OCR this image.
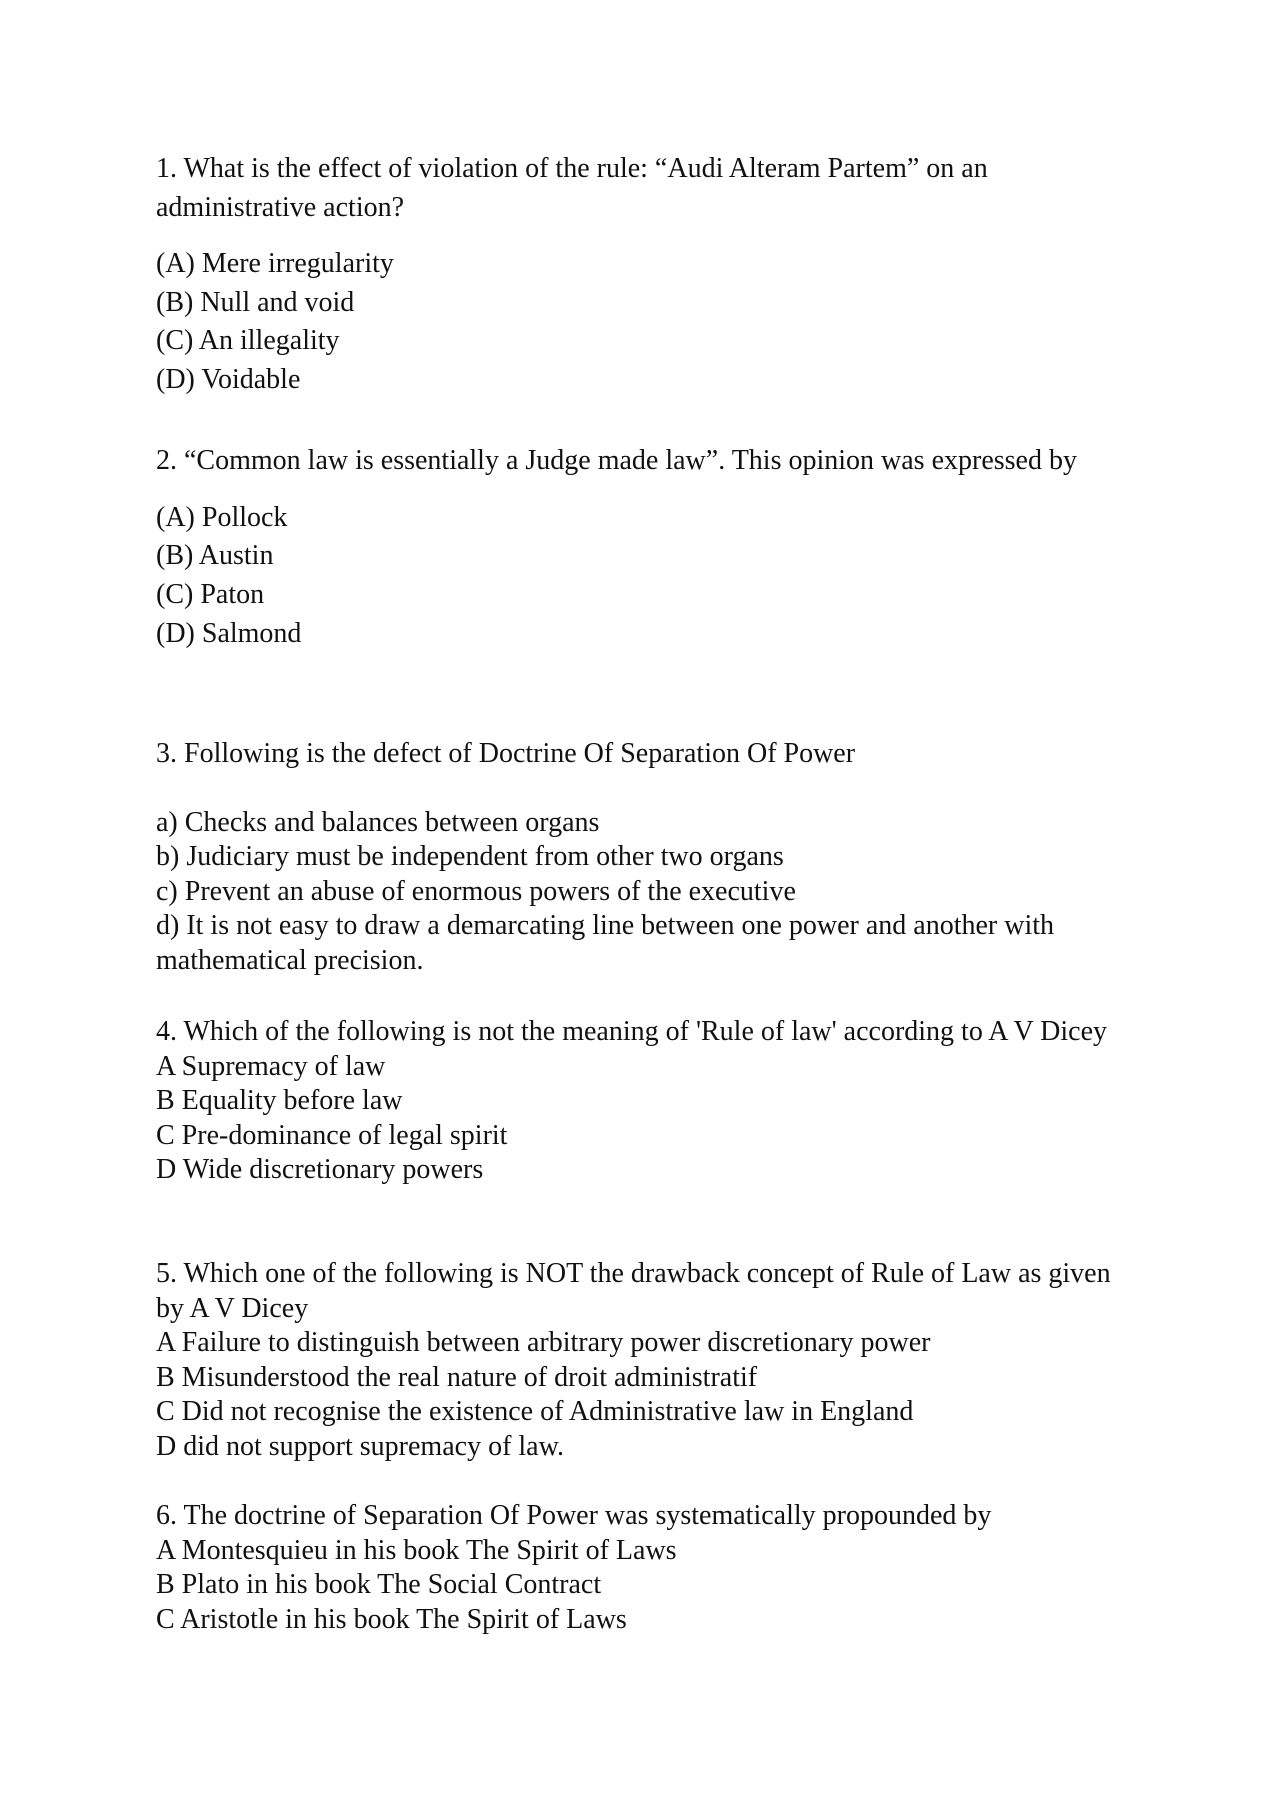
1. What is the effect of violation of the rule: “Audi Alteram Partem” on an administrative action?

(A) Mere irregularity
(B) Null and void
(C) An illegality
(D) Voidable

2. “Common law is essentially a Judge made law”. This opinion was expressed by

(A) Pollock
(B) Austin
(C) Paton
(D) Salmond

3. Following is the defect of Doctrine Of Separation Of Power

a) Checks and balances between organs
b) Judiciary must be independent from other two organs
c) Prevent an abuse of enormous powers of the executive
d) It is not easy to draw a demarcating line between one power and another with mathematical precision.

4. Which of the following is not the meaning of 'Rule of law' according to A V Dicey

A Supremacy of law
B Equality before law
C Pre-dominance of legal spirit
D Wide discretionary powers

5. Which one of the following is NOT the drawback concept of Rule of Law as given by A V Dicey

A Failure to distinguish between arbitrary power discretionary power
B Misunderstood the real nature of droit administratif
C Did not recognise the existence of Administrative law in England
D did not support supremacy of law.

6. The doctrine of Separation Of Power was systematically propounded by

A Montesquieu in his book The Spirit of Laws
B Plato in his book The Social Contract
C Aristotle in his book The Spirit of Laws
